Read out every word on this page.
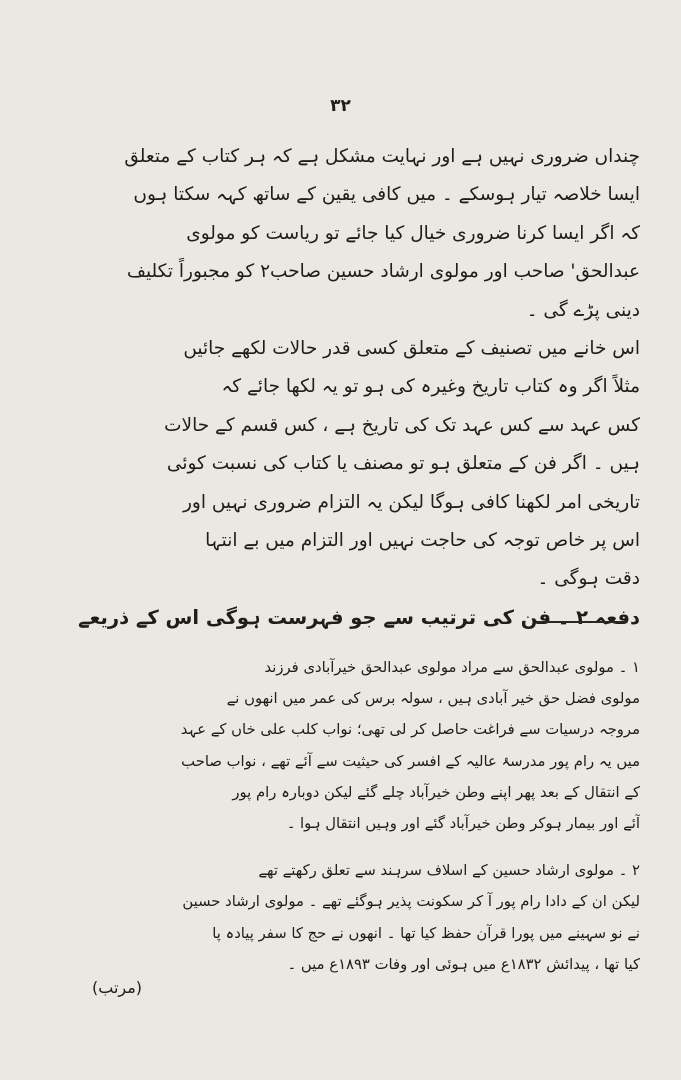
۳۲
چنداں ضروری نہیں ہے اور نہایت مشکل ہے کہ ہر کتاب کے متعلق
ایسا خلاصہ تیار ہوسکے ۔ میں کافی یقین کے ساتھ کہہ سکتا ہوں
کہ اگر ایسا کرنا ضروری خیال کیا جائے تو ریاست کو مولوی
عبدالحق' صاحب اور مولوی ارشاد حسین صاحب٢ کو مجبوراً تکلیف
دینی پڑے گی ۔
اس خانے میں تصنیف کے متعلق کسی قدر حالات لکھے جائیں
مثلاً اگر وہ کتاب تاریخ وغیرہ کی ہو تو یہ لکھا جائے کہ
کس عہد سے کس عہد تک کی تاریخ ہے ، کس قسم کے حالات
ہیں ۔ اگر فن کے متعلق ہو تو مصنف یا کتاب کی نسبت کوئی
تاریخی امر لکھنا کافی ہوگا لیکن یہ التزام ضروری نہیں اور
اس پر خاص توجہ کی حاجت نہیں اور التزام میں بے انتہا
دقت ہوگی ۔
دفعہ ۲ ۔ فن کی ترتیب سے جو فہرست ہوگی اس کے ذریعے
۱ ۔ مولوی عبدالحق سے مراد مولوی عبدالحق خیرآبادی فرزند
مولوی فضل حق خیر آبادی ہیں ، سولہ برس کی عمر میں انھوں نے
مروجہ درسیات سے فراغت حاصل کر لی تھی؛ نواب کلب علی خاں کے عہد
میں یہ رام پور مدرسۂ عالیہ کے افسر کی حیثیت سے آئے تھے ، نواب صاحب
کے انتقال کے بعد پھر اپنے وطن خیرآباد چلے گئے لیکن دوبارہ رام پور
آئے اور بیمار ہوکر وطن خیرآباد گئے اور وہیں انتقال ہوا ۔
۲ ۔ مولوی ارشاد حسین کے اسلاف سرہند سے تعلق رکھتے تھے
لیکن ان کے دادا رام پور آ کر سکونت پذیر ہوگئے تھے ۔ مولوی ارشاد حسین
نے نو سہینے میں پورا قرآن حفظ کیا تھا ۔ انھوں نے حج کا سفر پیادہ پا
کیا تھا ، پیدائش ۱۸۳۲ع میں ہوئی اور وفات ۱۸۹۳ع میں ۔
(مرتب)
